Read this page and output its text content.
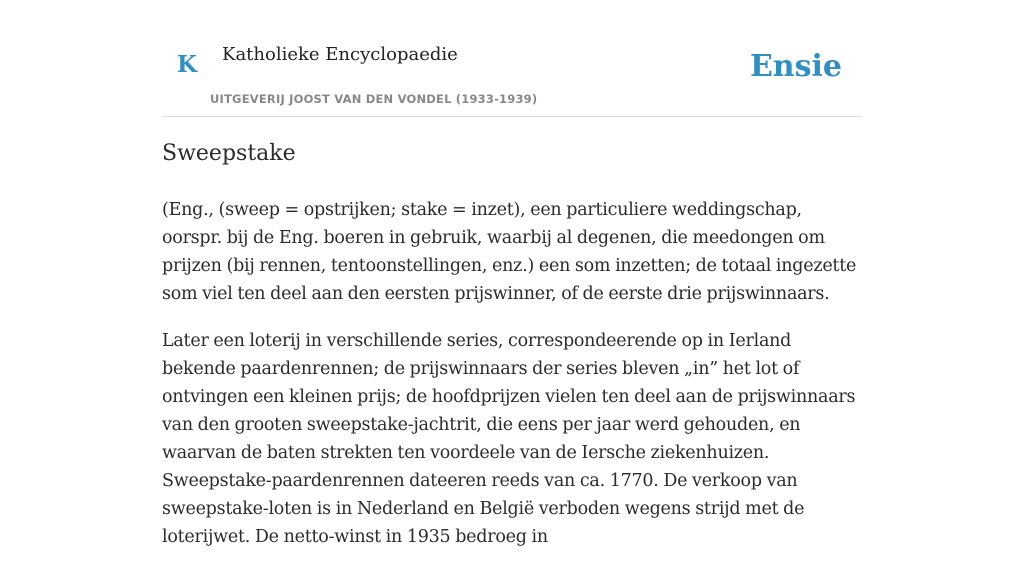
K Katholieke Encyclopaedie
UITGEVERIJ JOOST VAN DEN VONDEL (1933-1939)
Ensie
Sweepstake

(Eng., (sweep = opstrijken; stake = inzet), een particuliere weddingschap, oorspr. bij de Eng. boeren in gebruik, waarbij al degenen, die meedongen om prijzen (bij rennen, tentoonstellingen, enz.) een som inzetten; de totaal ingezette som viel ten deel aan den eersten prijswinner, of de eerste drie prijswinnaars.

Later een loterij in verschillende series, correspondeerende op in Ierland bekende paardenrennen; de prijswinnaars der series bleven „in” het lot of ontvingen een kleinen prijs; de hoofdprijzen vielen ten deel aan de prijswinnaars van den grooten sweepstake-jachtrit, die eens per jaar werd gehouden, en waarvan de baten strekten ten voordeele van de Iersche ziekenhuizen. Sweepstake-paardenrennen dateeren reeds van ca. 1770. De verkoop van sweepstake-loten is in Nederland en België verboden wegens strijd met de loterijwet. De netto-winst in 1935 bedroeg in
